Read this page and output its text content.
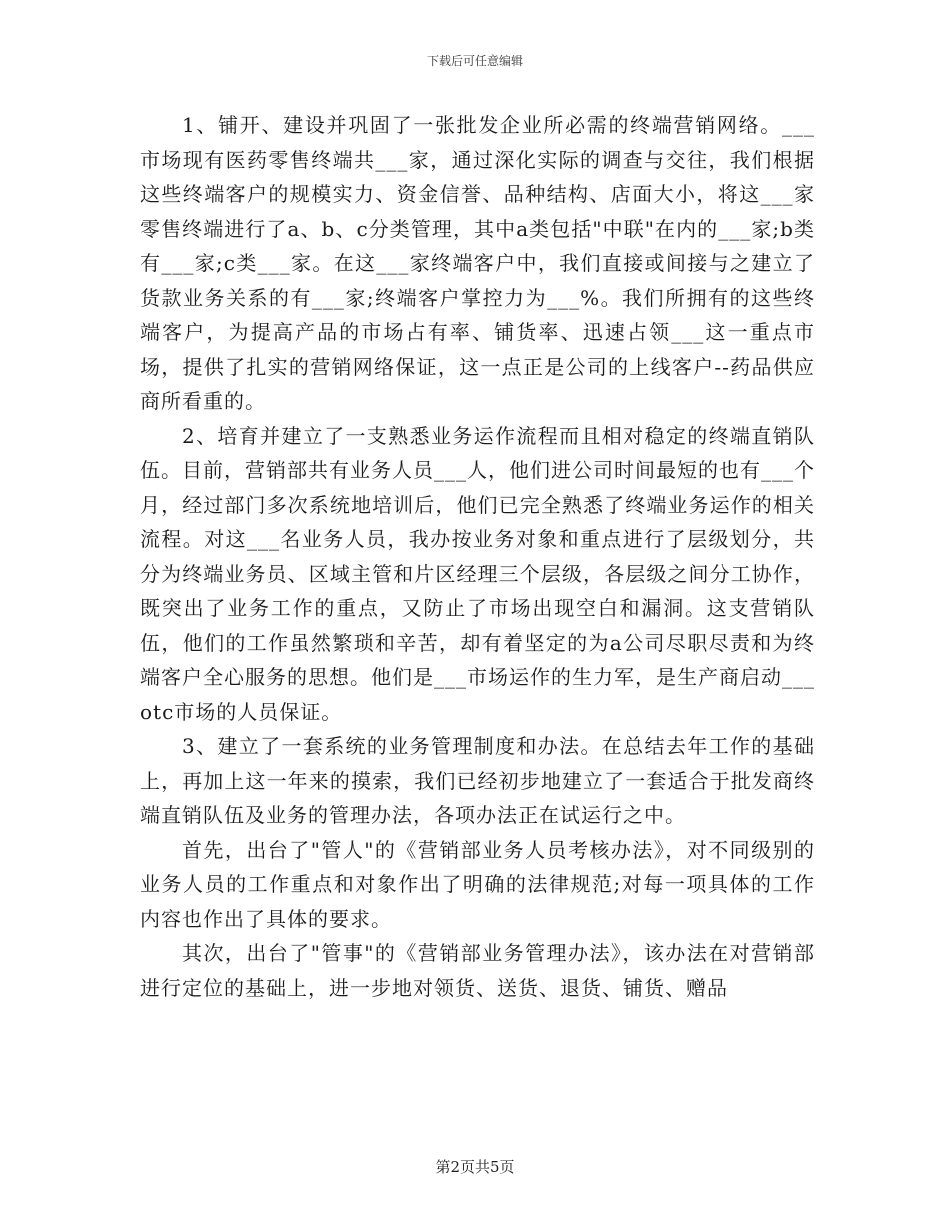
下载后可任意编辑

1、铺开、建设并巩固了一张批发企业所必需的终端营销网络。___市场现有医药零售终端共___家，通过深化实际的调查与交往，我们根据这些终端客户的规模实力、资金信誉、品种结构、店面大小，将这___家零售终端进行了a、b、c分类管理，其中a类包括"中联"在内的___家;b类有___家;c类___家。在这___家终端客户中，我们直接或间接与之建立了货款业务关系的有___家;终端客户掌控力为___%。我们所拥有的这些终端客户，为提高产品的市场占有率、铺货率、迅速占领___这一重点市场，提供了扎实的营销网络保证，这一点正是公司的上线客户--药品供应商所看重的。

2、培育并建立了一支熟悉业务运作流程而且相对稳定的终端直销队伍。目前，营销部共有业务人员___人，他们进公司时间最短的也有___个月，经过部门多次系统地培训后，他们已完全熟悉了终端业务运作的相关流程。对这___名业务人员，我办按业务对象和重点进行了层级划分，共分为终端业务员、区域主管和片区经理三个层级，各层级之间分工协作，既突出了业务工作的重点，又防止了市场出现空白和漏洞。这支营销队伍，他们的工作虽然繁琐和辛苦，却有着坚定的为a公司尽职尽责和为终端客户全心服务的思想。他们是___市场运作的生力军，是生产商启动___otc市场的人员保证。

3、建立了一套系统的业务管理制度和办法。在总结去年工作的基础上，再加上这一年来的摸索，我们已经初步地建立了一套适合于批发商终端直销队伍及业务的管理办法，各项办法正在试运行之中。

首先，出台了"管人"的《营销部业务人员考核办法》，对不同级别的业务人员的工作重点和对象作出了明确的法律规范;对每一项具体的工作内容也作出了具体的要求。

其次，出台了"管事"的《营销部业务管理办法》，该办法在对营销部进行定位的基础上，进一步地对领货、送货、退货、铺货、赠品

第2页共5页
